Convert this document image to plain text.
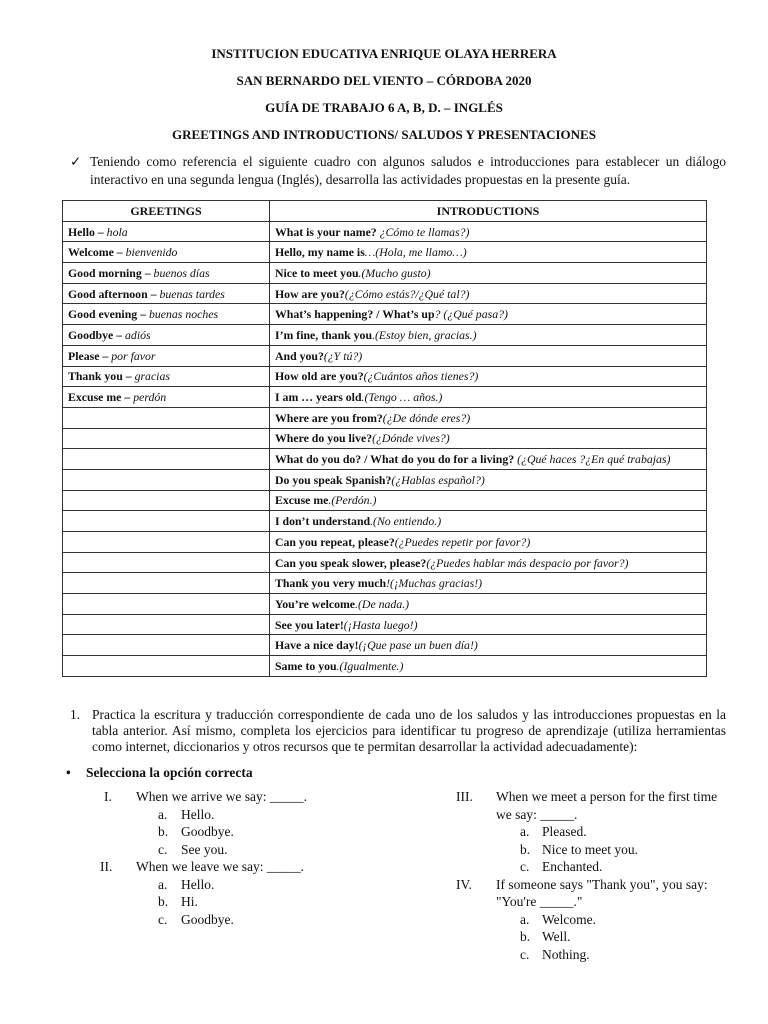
INSTITUCION EDUCATIVA ENRIQUE OLAYA HERRERA
SAN BERNARDO DEL VIENTO – CÓRDOBA 2020
GUÍA DE TRABAJO 6 A, B, D. – INGLÉS
GREETINGS AND INTRODUCTIONS/ SALUDOS Y PRESENTACIONES
✓ Teniendo como referencia el siguiente cuadro con algunos saludos e introducciones para establecer un diálogo interactivo en una segunda lengua (Inglés), desarrolla las actividades propuestas en la presente guía.
GREETINGS	INTRODUCTIONS
Hello – hola	What is your name? ¿Cómo te llamas?)
Welcome – bienvenido	Hello, my name is…(Hola, me llamo…)
Good morning – buenos días	Nice to meet you.(Mucho gusto)
Good afternoon – buenas tardes	How are you?(¿Cómo estás?/¿Qué tal?)
Good evening – buenas noches	What’s happening? / What’s up? (¿Qué pasa?)
Goodbye – adiós	I’m fine, thank you.(Estoy bien, gracias.)
Please – por favor	And you?(¿Y tú?)
Thank you – gracias	How old are you?(¿Cuántos años tienes?)
Excuse me – perdón	I am … years old.(Tengo … años.)
	Where are you from?(¿De dónde eres?)
	Where do you live?(¿Dónde vives?)
	What do you do? / What do you do for a living? (¿Qué haces ?¿En qué trabajas)
	Do you speak Spanish?(¿Hablas español?)
	Excuse me.(Perdón.)
	I don’t understand.(No entiendo.)
	Can you repeat, please?(¿Puedes repetir por favor?)
	Can you speak slower, please?(¿Puedes hablar más despacio por favor?)
	Thank you very much!(¡Muchas gracias!)
	You’re welcome.(De nada.)
	See you later!(¡Hasta luego!)
	Have a nice day!(¡Que pase un buen día!)
	Same to you.(Igualmente.)
1. Practica la escritura y traducción correspondiente de cada uno de los saludos y las introducciones propuestas en la tabla anterior. Así mismo, completa los ejercicios para identificar tu progreso de aprendizaje (utiliza herramientas como internet, diccionarios y otros recursos que te permitan desarrollar la actividad adecuadamente):
• Selecciona la opción correcta
I. When we arrive we say: _____.
a. Hello.
b. Goodbye.
c. See you.
II. When we leave we say: _____.
a. Hello.
b. Hi.
c. Goodbye.
III. When we meet a person for the first time
we say: _____.
a. Pleased.
b. Nice to meet you.
c. Enchanted.
IV. If someone says "Thank you", you say:
"You're _____."
a. Welcome.
b. Well.
c. Nothing.
